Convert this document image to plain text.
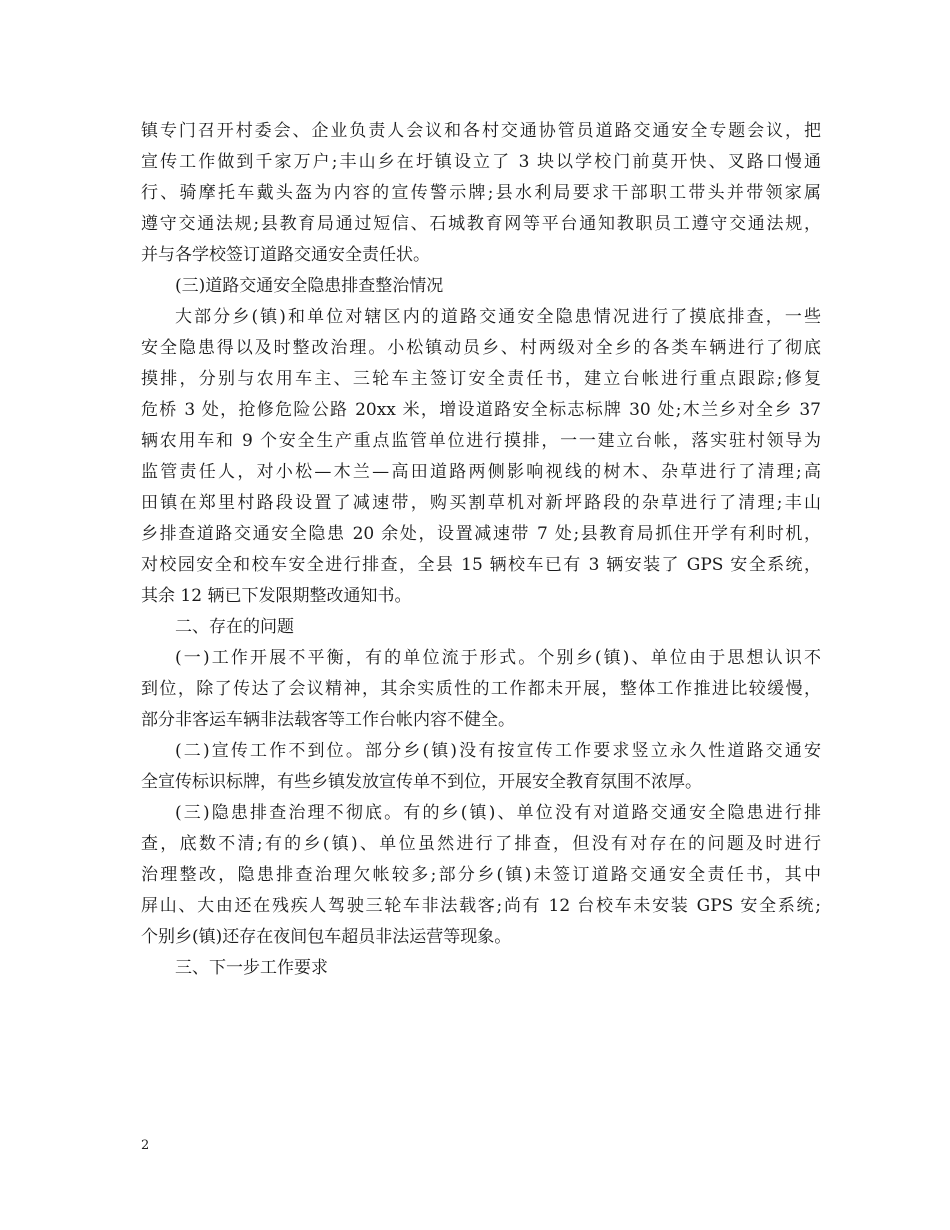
镇专门召开村委会、企业负责人会议和各村交通协管员道路交通安全专题会议，把
宣传工作做到千家万户;丰山乡在圩镇设立了 3 块以学校门前莫开快、叉路口慢通
行、骑摩托车戴头盔为内容的宣传警示牌;县水利局要求干部职工带头并带领家属
遵守交通法规;县教育局通过短信、石城教育网等平台通知教职员工遵守交通法规，
并与各学校签订道路交通安全责任状。
(三)道路交通安全隐患排查整治情况
大部分乡(镇)和单位对辖区内的道路交通安全隐患情况进行了摸底排查，一些
安全隐患得以及时整改治理。小松镇动员乡、村两级对全乡的各类车辆进行了彻底
摸排，分别与农用车主、三轮车主签订安全责任书，建立台帐进行重点跟踪;修复
危桥 3 处，抢修危险公路 20xx 米，增设道路安全标志标牌 30 处;木兰乡对全乡 37
辆农用车和 9 个安全生产重点监管单位进行摸排，一一建立台帐，落实驻村领导为
监管责任人，对小松—木兰—高田道路两侧影响视线的树木、杂草进行了清理;高
田镇在郑里村路段设置了减速带，购买割草机对新坪路段的杂草进行了清理;丰山
乡排查道路交通安全隐患 20 余处，设置减速带 7 处;县教育局抓住开学有利时机，
对校园安全和校车安全进行排查，全县 15 辆校车已有 3 辆安装了 GPS 安全系统，
其余 12 辆已下发限期整改通知书。
二、存在的问题
(一)工作开展不平衡，有的单位流于形式。个别乡(镇)、单位由于思想认识不
到位，除了传达了会议精神，其余实质性的工作都未开展，整体工作推进比较缓慢，
部分非客运车辆非法载客等工作台帐内容不健全。
(二)宣传工作不到位。部分乡(镇)没有按宣传工作要求竖立永久性道路交通安
全宣传标识标牌，有些乡镇发放宣传单不到位，开展安全教育氛围不浓厚。
(三)隐患排查治理不彻底。有的乡(镇)、单位没有对道路交通安全隐患进行排
查，底数不清;有的乡(镇)、单位虽然进行了排查，但没有对存在的问题及时进行
治理整改，隐患排查治理欠帐较多;部分乡(镇)未签订道路交通安全责任书，其中
屏山、大由还在残疾人驾驶三轮车非法载客;尚有 12 台校车未安装 GPS 安全系统;
个别乡(镇)还存在夜间包车超员非法运营等现象。
三、下一步工作要求
2
